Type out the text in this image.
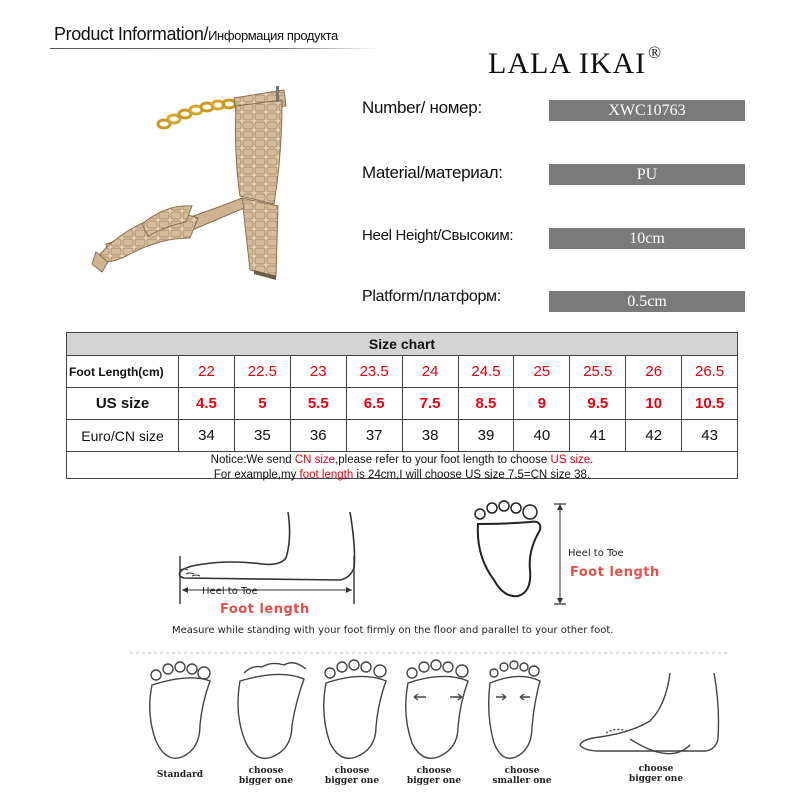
Product Information/Информация продукта
LALA IKAI ®
Number/ номер:	XWC10763
Material/материал:	PU
Heel Height/Свысоким:	10cm
Platform/платформ:	0.5cm
Size chart
Foot Length(cm)	22	22.5	23	23.5	24	24.5	25	25.5	26	26.5
US size	4.5	5	5.5	6.5	7.5	8.5	9	9.5	10	10.5
Euro/CN size	34	35	36	37	38	39	40	41	42	43
Notice:We send CN size,please refer to your foot length to choose US size.
For example,my foot length is 24cm,I will choose US size 7.5=CN size 38.
Heel to Toe
Foot length
Heel to Toe
Foot length
Measure while standing with your foot firmly on the floor and parallel to your other foot.
Standard	choose
bigger one
choose
bigger one
choose
bigger one
choose
smaller one
choose
bigger one
